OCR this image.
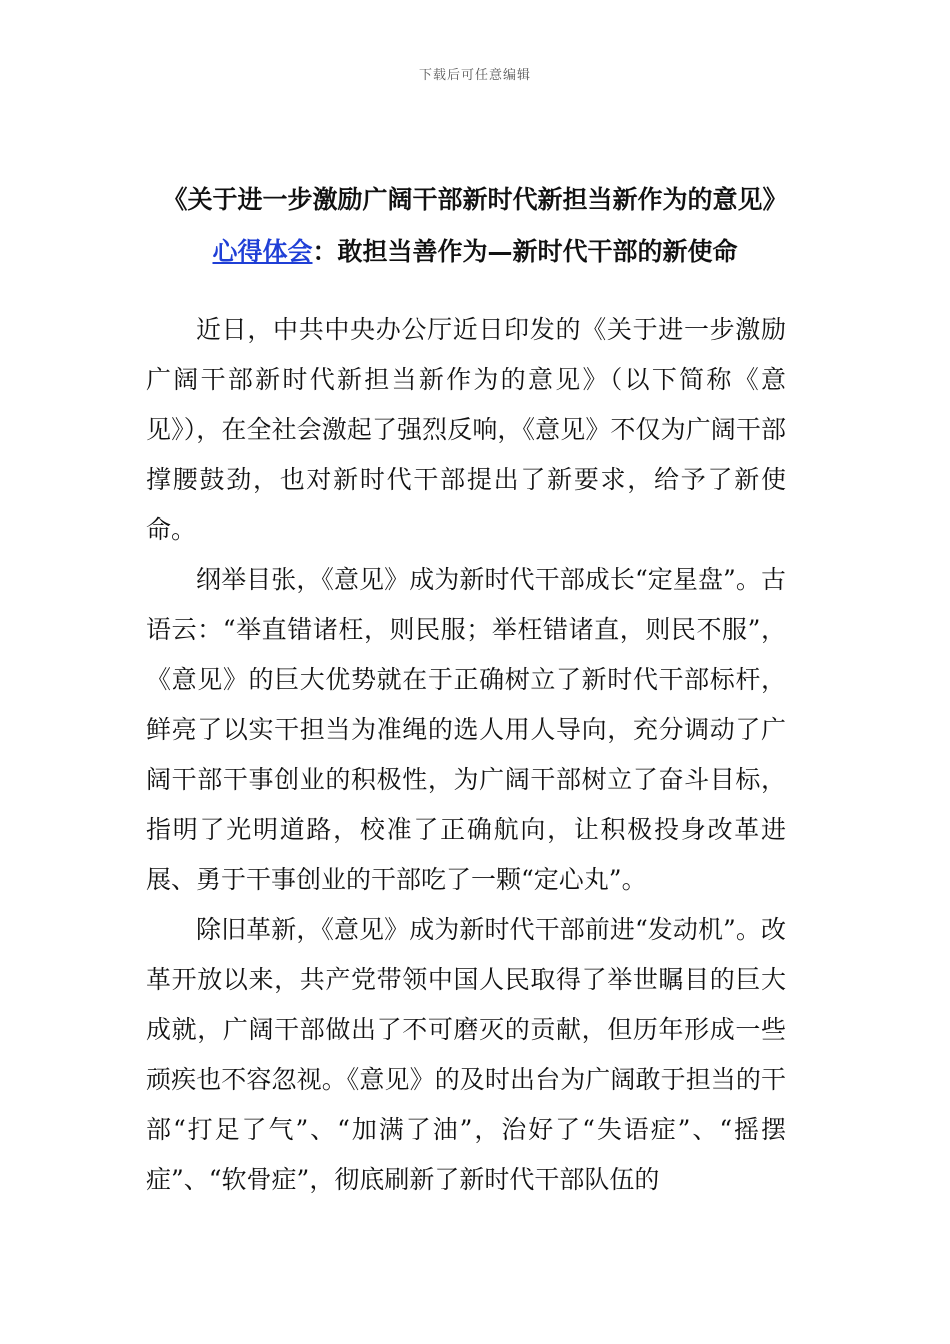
下载后可任意编辑
《关于进一步激励广阔干部新时代新担当新作为的意见》
心得体会：敢担当善作为—新时代干部的新使命

近日，中共中央办公厅近日印发的《关于进一步激励广阔干部新时代新担当新作为的意见》（以下简称《意见》），在全社会激起了强烈反响，《意见》不仅为广阔干部撑腰鼓劲，也对新时代干部提出了新要求，给予了新使命。

纲举目张，《意见》成为新时代干部成长“定星盘”。古语云：“举直错诸枉，则民服；举枉错诸直，则民不服”，《意见》的巨大优势就在于正确树立了新时代干部标杆，鲜亮了以实干担当为准绳的选人用人导向，充分调动了广阔干部干事创业的积极性，为广阔干部树立了奋斗目标，指明了光明道路，校准了正确航向，让积极投身改革进展、勇于干事创业的干部吃了一颗“定心丸”。

除旧革新，《意见》成为新时代干部前进“发动机”。改革开放以来，共产党带领中国人民取得了举世瞩目的巨大成就，广阔干部做出了不可磨灭的贡献，但历年形成一些顽疾也不容忽视。《意见》的及时出台为广阔敢于担当的干部“打足了气”、“加满了油”，治好了“失语症”、“摇摆症”、“软骨症”，彻底刷新了新时代干部队伍的
